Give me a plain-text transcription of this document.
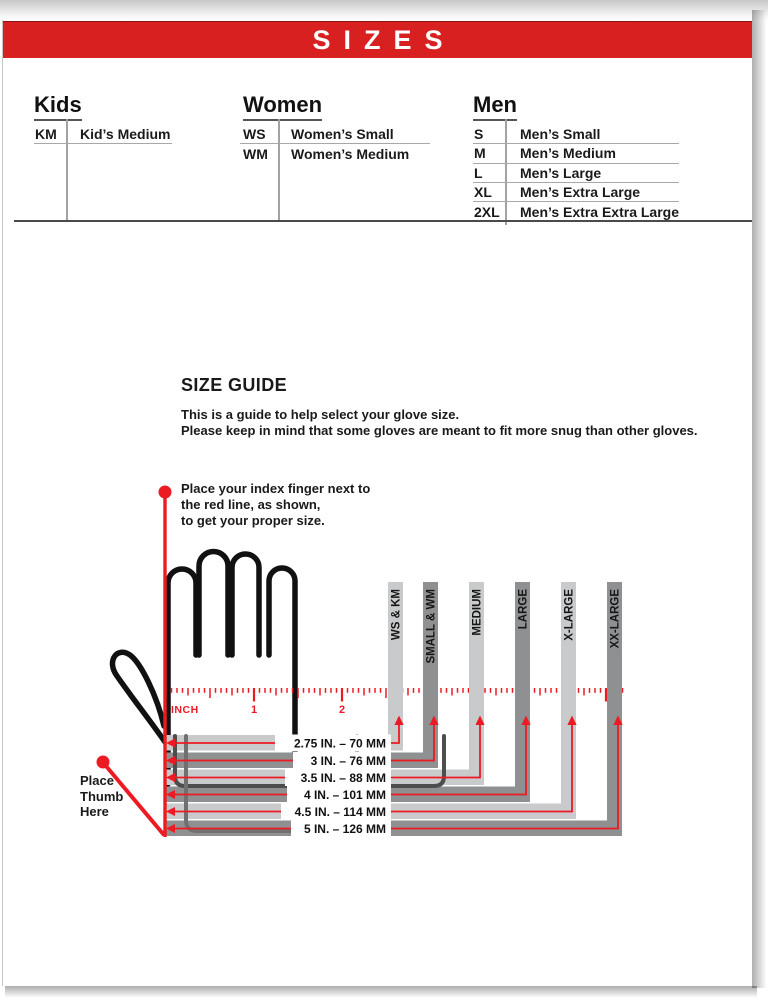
SIZES
Kids
KM	Kid’s Medium
Women
WS	Women’s Small
WM	Women’s Medium
Men
S	Men’s Small
M	Men’s Medium
L	Men’s Large
XL	Men’s Extra Large
2XL	Men’s Extra Extra Large
SIZE GUIDE
This is a guide to help select your glove size.
Please keep in mind that some gloves are meant to fit more snug than other gloves.
Place your index finger next to
the red line, as shown,
to get your proper size.
Place
Thumb
Here
INCH	1	2
2.75 IN. – 70 MM
3 IN. – 76 MM
3.5 IN. – 88 MM
4 IN. – 101 MM
4.5 IN. – 114 MM
5 IN. – 126 MM
WS & KM SMALL & WM	MEDIUM	LARGE	X-LARGE	XX-LARGE
